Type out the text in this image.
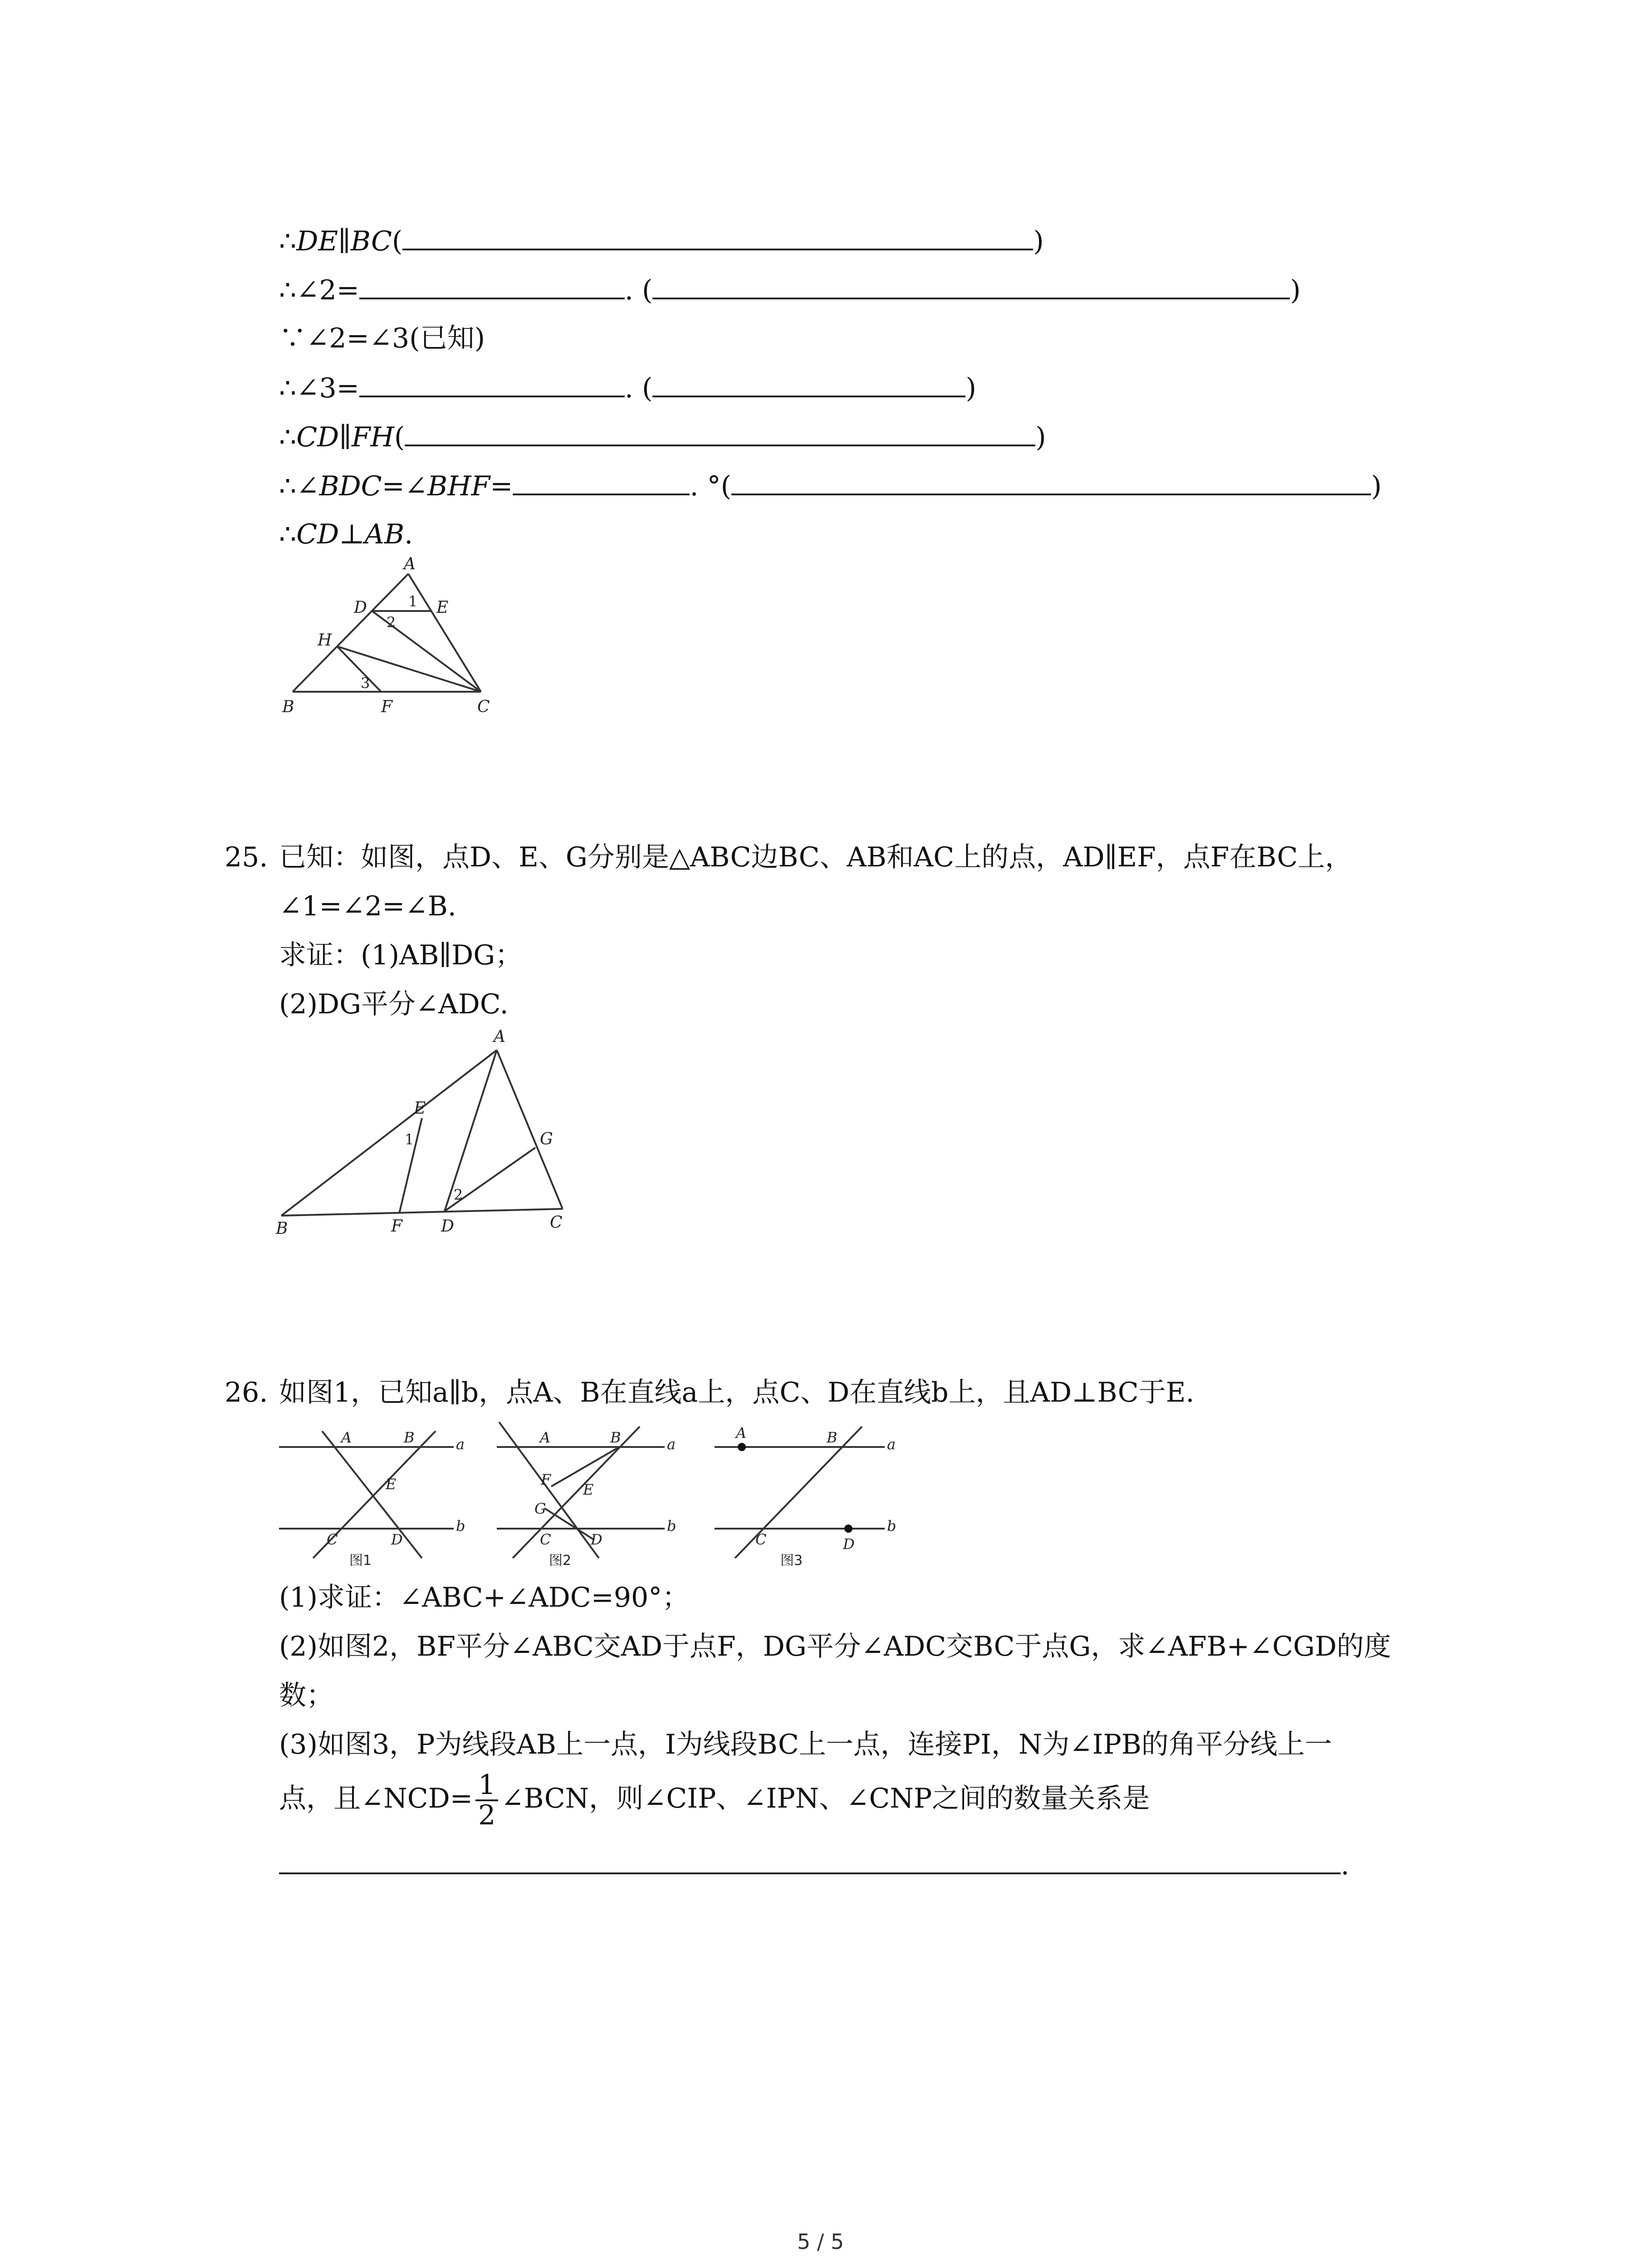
∴DE∥BC(	)
∴∠2=	. (	)
∵∠2=∠3(已知)
∴∠3=	. (	)
∴CD∥FH(	)
∴∠BDC=∠BHF=	. °(	)
∴CD⊥AB.
A
D	E
H
B	F	C
1
2
3
25. 已知：如图，点D、E、G分别是△ABC边BC、AB和AC上的点，AD∥EF，点F在BC上，
∠1=∠2=∠B.
求证：(1)AB∥DG；
(2)DG平分∠ADC.
A
E
G
B	F D	C
1
2
26. 如图1，已知a∥b，点A、B在直线a上，点C、D在直线b上，且AD⊥BC于E.
A	B	a
E
C	D
b
图1
A	B	a
F
E
G
C	D
b
图2
A	B	a
C	D
b
图3
(1)求证：∠ABC+∠ADC=90°；
(2)如图2，BF平分∠ABC交AD于点F，DG平分∠ADC交BC于点G，求∠AFB+∠CGD的度
数；
(3)如图3，P为线段AB上一点，I为线段BC上一点，连接PI，N为∠IPB的角平分线上一
点，且∠NCD= $\frac{1}{2}$ ∠BCN，则∠CIP、∠IPN、∠CNP之间的数量关系是
.
5 / 5
